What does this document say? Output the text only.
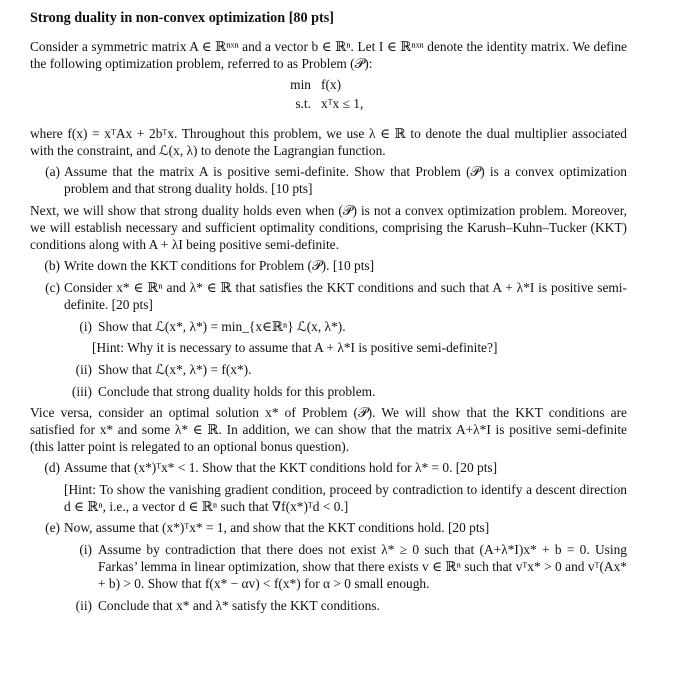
Strong duality in non-convex optimization [80 pts]

Consider a symmetric matrix A ∈ ℝⁿˣⁿ and a vector b ∈ ℝⁿ. Let I ∈ ℝⁿˣⁿ denote the identity matrix. We define the following optimization problem, referred to as Problem (𝒫):

min f(x)
s.t. xᵀx ≤ 1,

where f(x) = xᵀAx + 2bᵀx. Throughout this problem, we use λ ∈ ℝ to denote the dual multiplier associated with the constraint, and ℒ(x, λ) to denote the Lagrangian function.

(a) Assume that the matrix A is positive semi-definite. Show that Problem (𝒫) is a convex optimization problem and that strong duality holds. [10 pts]

Next, we will show that strong duality holds even when (𝒫) is not a convex optimization problem. Moreover, we will establish necessary and sufficient optimality conditions, comprising the Karush–Kuhn–Tucker (KKT) conditions along with A + λI being positive semi-definite.

(b) Write down the KKT conditions for Problem (𝒫). [10 pts]
(c) Consider x* ∈ ℝⁿ and λ* ∈ ℝ that satisfies the KKT conditions and such that A + λ*I is positive semi-definite. [20 pts]
(i) Show that ℒ(x*, λ*) = min_{x∈ℝⁿ} ℒ(x, λ*).

[Hint: Why it is necessary to assume that A + λ*I is positive semi-definite?]

(ii) Show that ℒ(x*, λ*) = f(x*).
(iii) Conclude that strong duality holds for this problem.

Vice versa, consider an optimal solution x* of Problem (𝒫). We will show that the KKT conditions are satisfied for x* and some λ* ∈ ℝ. In addition, we can show that the matrix A+λ*I is positive semi-definite (this latter point is relegated to an optional bonus question).

(d) Assume that (x*)ᵀx* < 1. Show that the KKT conditions hold for λ* = 0. [20 pts]

[Hint: To show the vanishing gradient condition, proceed by contradiction to identify a descent direction d ∈ ℝⁿ, i.e., a vector d ∈ ℝⁿ such that ∇f(x*)ᵀd < 0.]

(e) Now, assume that (x*)ᵀx* = 1, and show that the KKT conditions hold. [20 pts]
(i) Assume by contradiction that there does not exist λ* ≥ 0 such that (A+λ*I)x* + b = 0. Using Farkas’ lemma in linear optimization, show that there exists v ∈ ℝⁿ such that vᵀx* > 0 and vᵀ(Ax* + b) > 0. Show that f(x* − αv) < f(x*) for α > 0 small enough.
(ii) Conclude that x* and λ* satisfy the KKT conditions.
